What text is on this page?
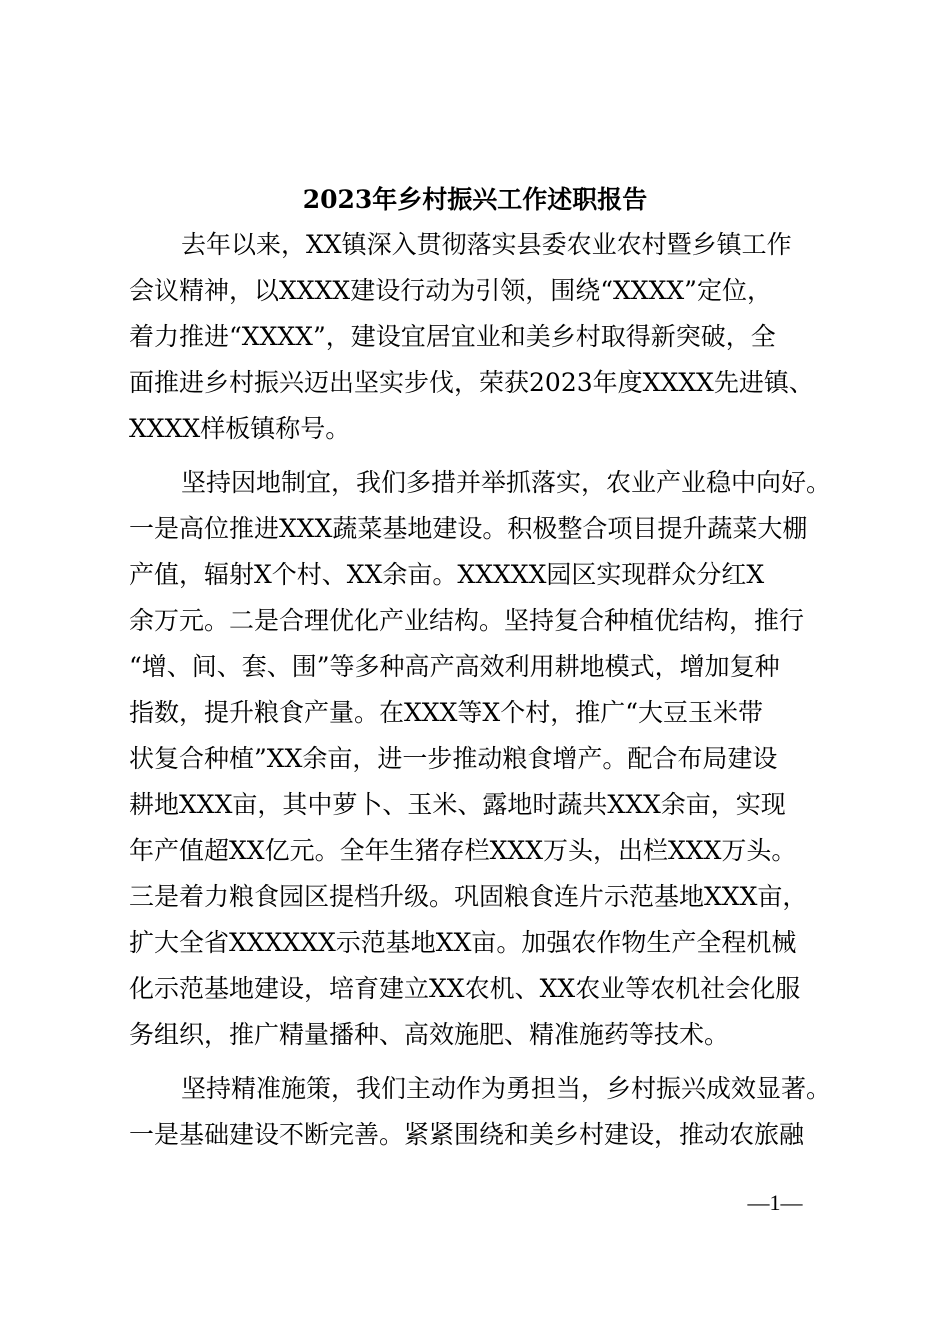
2023年乡村振兴工作述职报告
去年以来，XX镇深入贯彻落实县委农业农村暨乡镇工作
会议精神，以XXXX建设行动为引领，围绕“XXXX”定位，
着力推进“XXXX”，建设宜居宜业和美乡村取得新突破，全
面推进乡村振兴迈出坚实步伐，荣获2023年度XXXX先进镇、
XXXX样板镇称号。
坚持因地制宜，我们多措并举抓落实，农业产业稳中向好。
一是高位推进XXX蔬菜基地建设。积极整合项目提升蔬菜大棚
产值，辐射X个村、XX余亩。XXXXX园区实现群众分红X
余万元。二是合理优化产业结构。坚持复合种植优结构，推行
“增、间、套、围”等多种高产高效利用耕地模式，增加复种
指数，提升粮食产量。在XXX等X个村，推广“大豆玉米带
状复合种植”XX余亩，进一步推动粮食增产。配合布局建设
耕地XXX亩，其中萝卜、玉米、露地时蔬共XXX余亩，实现
年产值超XX亿元。全年生猪存栏XXX万头，出栏XXX万头。
三是着力粮食园区提档升级。巩固粮食连片示范基地XXX亩，
扩大全省XXXXXX示范基地XX亩。加强农作物生产全程机械
化示范基地建设，培育建立XX农机、XX农业等农机社会化服
务组织，推广精量播种、高效施肥、精准施药等技术。
坚持精准施策，我们主动作为勇担当，乡村振兴成效显著。
一是基础建设不断完善。紧紧围绕和美乡村建设，推动农旅融
—1—
